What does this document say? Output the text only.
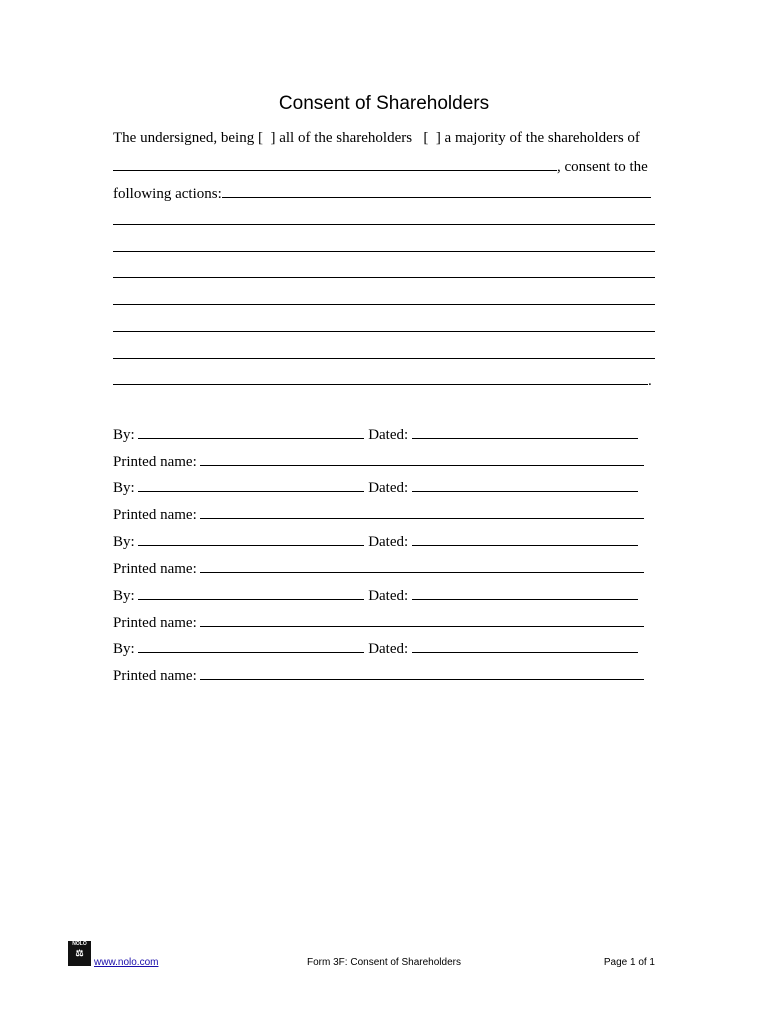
Consent of Shareholders
The undersigned, being [  ] all of the shareholders   [  ] a majority of the shareholders of
, consent to the
following actions:
.
By:	Dated:
Printed name:
By:	Dated:
Printed name:
By:	Dated:
Printed name:
By:	Dated:
Printed name:
By:	Dated:
Printed name:
NOLO
⚖
www.nolo.com	Form 3F: Consent of Shareholders	Page 1 of 1
